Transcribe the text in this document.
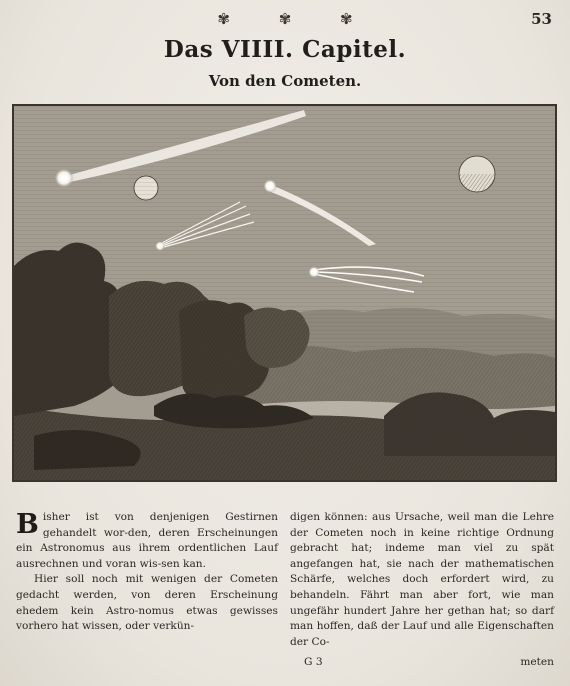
✾ ✾ ✾	53
Das VIIII. Capitel.
Von den Cometen.

Bisher ist von denjenigen Gestirnen gehandelt wor-den, deren Erscheinungen ein Astronomus aus ihrem ordentlichen Lauf ausrechnen und voran wis-sen kan.

Hier soll noch mit wenigen der Cometen gedacht werden, von deren Erscheinung ehedem kein Astro-nomus etwas gewisses vorhero hat wissen, oder verkün-

digen können: aus Ursache, weil man die Lehre der Cometen noch in keine richtige Ordnung gebracht hat; indeme man viel zu spät angefangen hat, sie nach der mathematischen Schärfe, welches doch erfordert wird, zu behandeln. Fährt man aber fort, wie man ungefähr hundert Jahre her gethan hat; so darf man hoffen, daß der Lauf und alle Eigenschaften der Co-

G 3	meten
